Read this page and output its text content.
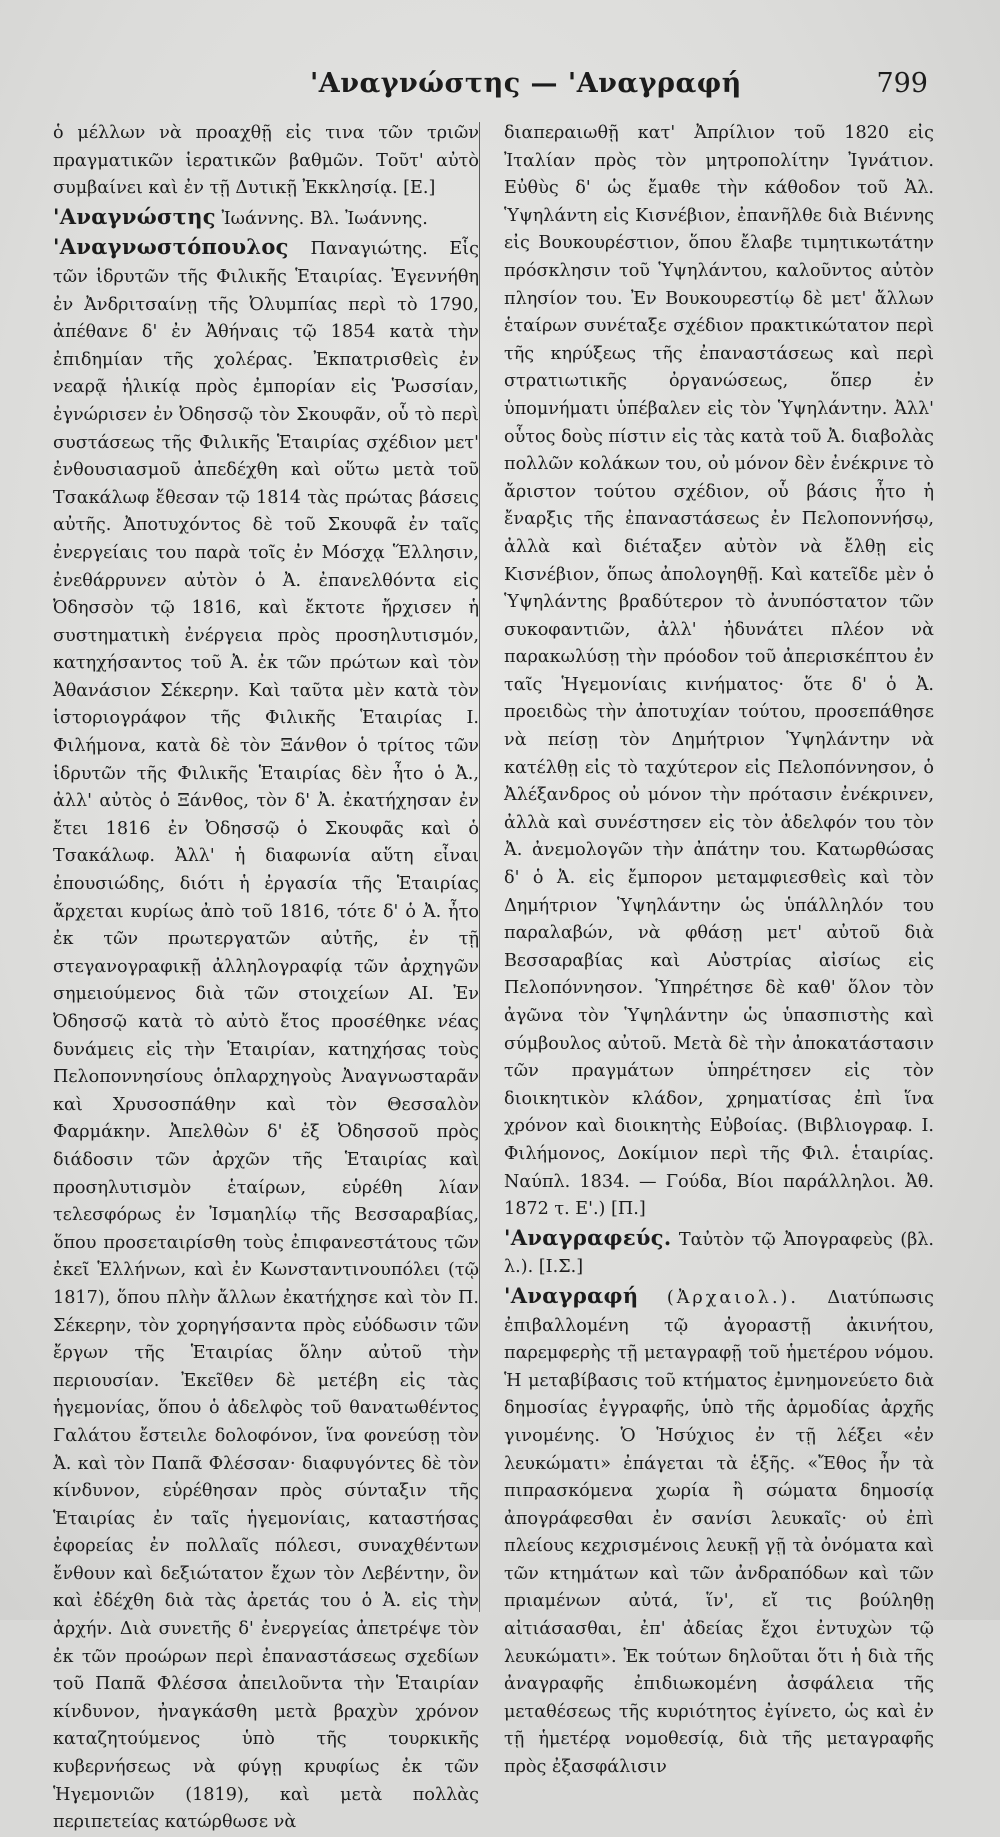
'Αναγνώστης — 'Αναγραφή	799

ὁ μέλλων νὰ προαχθῇ εἰς τινα τῶν τριῶν πραγματικῶν ἱερατικῶν βαθμῶν. Τοῦτ' αὐτὸ συμβαίνει καὶ ἐν τῇ Δυτικῇ Ἐκκλησίᾳ. [Ε.]

'Αναγνώστης Ἰωάννης. Βλ. Ἰωάννης.

'Αναγνωστόπουλος Παναγιώτης. Εἷς τῶν ἱδρυτῶν τῆς Φιλικῆς Ἑταιρίας. Ἐγεννήθη ἐν Ἀνδριτσαίνῃ τῆς Ὀλυμπίας περὶ τὸ 1790, ἀπέθανε δ' ἐν Ἀθήναις τῷ 1854 κατὰ τὴν ἐπιδημίαν τῆς χολέρας. Ἐκπατρισθεὶς ἐν νεαρᾷ ἡλικίᾳ πρὸς ἐμπορίαν εἰς Ῥωσσίαν, ἐγνώρισεν ἐν Ὀδησσῷ τὸν Σκουφᾶν, οὗ τὸ περὶ συστάσεως τῆς Φιλικῆς Ἑταιρίας σχέδιον μετ' ἐνθουσιασμοῦ ἀπεδέχθη καὶ οὕτω μετὰ τοῦ Τσακάλωφ ἔθεσαν τῷ 1814 τὰς πρώτας βάσεις αὐτῆς. Ἀποτυχόντος δὲ τοῦ Σκουφᾶ ἐν ταῖς ἐνεργείαις του παρὰ τοῖς ἐν Μόσχᾳ Ἕλλησιν, ἐνεθάρρυνεν αὐτὸν ὁ Ἀ. ἐπανελθόντα εἰς Ὀδησσὸν τῷ 1816, καὶ ἔκτοτε ἤρχισεν ἡ συστηματικὴ ἐνέργεια πρὸς προσηλυτισμόν, κατηχήσαντος τοῦ Ἀ. ἐκ τῶν πρώτων καὶ τὸν Ἀθανάσιον Σέκερην. Καὶ ταῦτα μὲν κατὰ τὸν ἱστοριογράφον τῆς Φιλικῆς Ἑταιρίας Ι. Φιλήμονα, κατὰ δὲ τὸν Ξάνθον ὁ τρίτος τῶν ἱδρυτῶν τῆς Φιλικῆς Ἑταιρίας δὲν ἦτο ὁ Ἀ., ἀλλ' αὐτὸς ὁ Ξάνθος, τὸν δ' Ἀ. ἐκατήχησαν ἐν ἔτει 1816 ἐν Ὀδησσῷ ὁ Σκουφᾶς καὶ ὁ Τσακάλωφ. Ἀλλ' ἡ διαφωνία αὕτη εἶναι ἐπουσιώδης, διότι ἡ ἐργασία τῆς Ἑταιρίας ἄρχεται κυρίως ἀπὸ τοῦ 1816, τότε δ' ὁ Ἀ. ἦτο ἐκ τῶν πρωτεργατῶν αὐτῆς, ἐν τῇ στεγανογραφικῇ ἀλληλογραφίᾳ τῶν ἀρχηγῶν σημειούμενος διὰ τῶν στοιχείων ΑΙ. Ἐν Ὀδησσῷ κατὰ τὸ αὐτὸ ἔτος προσέθηκε νέας δυνάμεις εἰς τὴν Ἑταιρίαν, κατηχήσας τοὺς Πελοποννησίους ὁπλαρχηγοὺς Ἀναγνωσταρᾶν καὶ Χρυσοσπάθην καὶ τὸν Θεσσαλὸν Φαρμάκην. Ἀπελθὼν δ' ἐξ Ὀδησσοῦ πρὸς διάδοσιν τῶν ἀρχῶν τῆς Ἑταιρίας καὶ προσηλυτισμὸν ἑταίρων, εὑρέθη λίαν τελεσφόρως ἐν Ἰσμαηλίῳ τῆς Βεσσαραβίας, ὅπου προσεταιρίσθη τοὺς ἐπιφανεστάτους τῶν ἐκεῖ Ἑλλήνων, καὶ ἐν Κωνσταντινουπόλει (τῷ 1817), ὅπου πλὴν ἄλλων ἐκατήχησε καὶ τὸν Π. Σέκερην, τὸν χορηγήσαντα πρὸς εὐόδωσιν τῶν ἔργων τῆς Ἑταιρίας ὅλην αὐτοῦ τὴν περιουσίαν. Ἐκεῖθεν δὲ μετέβη εἰς τὰς ἡγεμονίας, ὅπου ὁ ἀδελφὸς τοῦ θανατωθέντος Γαλάτου ἔστειλε δολοφόνον, ἵνα φονεύσῃ τὸν Ἀ. καὶ τὸν Παπᾶ Φλέσσαν· διαφυγόντες δὲ τὸν κίνδυνον, εὑρέθησαν πρὸς σύνταξιν τῆς Ἑταιρίας ἐν ταῖς ἡγεμονίαις, καταστήσας ἐφορείας ἐν πολλαῖς πόλεσι, συναχθέντων ἔνθουν καὶ δεξιώτατον ἔχων τὸν Λεβέντην, ὃν καὶ ἐδέχθη διὰ τὰς ἀρετάς του ὁ Ἀ. εἰς τὴν ἀρχήν. Διὰ συνετῆς δ' ἐνεργείας ἀπετρέψε τὸν ἐκ τῶν προώρων περὶ ἐπαναστάσεως σχεδίων τοῦ Παπᾶ Φλέσσα ἀπειλοῦντα τὴν Ἑταιρίαν κίνδυνον, ἠναγκάσθη μετὰ βραχὺν χρόνον καταζητούμενος ὑπὸ τῆς τουρκικῆς κυβερνήσεως νὰ φύγῃ κρυφίως ἐκ τῶν Ἡγεμονιῶν (1819), καὶ μετὰ πολλὰς περιπετείας κατώρθωσε νὰ

διαπεραιωθῇ κατ' Ἀπρίλιον τοῦ 1820 εἰς Ἰταλίαν πρὸς τὸν μητροπολίτην Ἰγνάτιον. Εὐθὺς δ' ὡς ἔμαθε τὴν κάθοδον τοῦ Ἀλ. Ὑψηλάντη εἰς Κισνέβιον, ἐπανῆλθε διὰ Βιέννης εἰς Βουκουρέστιον, ὅπου ἔλαβε τιμητικωτάτην πρόσκλησιν τοῦ Ὑψηλάντου, καλοῦντος αὐτὸν πλησίον του. Ἐν Βουκουρεστίῳ δὲ μετ' ἄλλων ἑταίρων συνέταξε σχέδιον πρακτικώτατον περὶ τῆς κηρύξεως τῆς ἐπαναστάσεως καὶ περὶ στρατιωτικῆς ὀργανώσεως, ὅπερ ἐν ὑπομνήματι ὑπέβαλεν εἰς τὸν Ὑψηλάντην. Ἀλλ' οὗτος δοὺς πίστιν εἰς τὰς κατὰ τοῦ Ἀ. διαβολὰς πολλῶν κολάκων του, οὐ μόνον δὲν ἐνέκρινε τὸ ἄριστον τούτου σχέδιον, οὗ βάσις ἦτο ἡ ἔναρξις τῆς ἐπαναστάσεως ἐν Πελοποννήσῳ, ἀλλὰ καὶ διέταξεν αὐτὸν νὰ ἔλθῃ εἰς Κισνέβιον, ὅπως ἀπολογηθῇ. Καὶ κατεῖδε μὲν ὁ Ὑψηλάντης βραδύτερον τὸ ἀνυπόστατον τῶν συκοφαντιῶν, ἀλλ' ἠδυνάτει πλέον νὰ παρακωλύσῃ τὴν πρόοδον τοῦ ἀπερισκέπτου ἐν ταῖς Ἡγεμονίαις κινήματος· ὅτε δ' ὁ Ἀ. προειδὼς τὴν ἀποτυχίαν τούτου, προσεπάθησε νὰ πείσῃ τὸν Δημήτριον Ὑψηλάντην νὰ κατέλθῃ εἰς τὸ ταχύτερον εἰς Πελοπόννησον, ὁ Ἀλέξανδρος οὐ μόνον τὴν πρότασιν ἐνέκρινεν, ἀλλὰ καὶ συνέστησεν εἰς τὸν ἀδελφόν του τὸν Ἀ. ἀνεμολογῶν τὴν ἀπάτην του. Κατωρθώσας δ' ὁ Ἀ. εἰς ἔμπορον μεταμφιεσθεὶς καὶ τὸν Δημήτριον Ὑψηλάντην ὡς ὑπάλληλόν του παραλαβών, νὰ φθάσῃ μετ' αὐτοῦ διὰ Βεσσαραβίας καὶ Αὐστρίας αἰσίως εἰς Πελοπόννησον. Ὑπηρέτησε δὲ καθ' ὅλον τὸν ἀγῶνα τὸν Ὑψηλάντην ὡς ὑπασπιστὴς καὶ σύμβουλος αὐτοῦ. Μετὰ δὲ τὴν ἀποκατάστασιν τῶν πραγμάτων ὑπηρέτησεν εἰς τὸν διοικητικὸν κλάδον, χρηματίσας ἐπὶ ἵνα χρόνον καὶ διοικητὴς Εὐβοίας. (Βιβλιογραφ. Ι. Φιλήμονος, Δοκίμιον περὶ τῆς Φιλ. ἑταιρίας. Ναύπλ. 1834. — Γούδα, Βίοι παράλληλοι. Ἀθ. 1872 τ. Ε'.) [Π.]

'Αναγραφεύς. Ταὐτὸν τῷ Ἀπογραφεὺς (βλ. λ.). [Ι.Σ.]

'Αναγραφή (Ἀρχαιολ.). Διατύπωσις ἐπιβαλλομένη τῷ ἀγοραστῇ ἀκινήτου, παρεμφερὴς τῇ μεταγραφῇ τοῦ ἡμετέρου νόμου. Ἡ μεταβίβασις τοῦ κτήματος ἐμνημονεύετο διὰ δημοσίας ἐγγραφῆς, ὑπὸ τῆς ἁρμοδίας ἀρχῆς γινομένης. Ὁ Ἡσύχιος ἐν τῇ λέξει «ἐν λευκώματι» ἐπάγεται τὰ ἑξῆς. «Ἔθος ἦν τὰ πιπρασκόμενα χωρία ἢ σώματα δημοσίᾳ ἀπογράφεσθαι ἐν σανίσι λευκαῖς· οὐ ἐπὶ πλείους κεχρισμένοις λευκῇ γῇ τὰ ὀνόματα καὶ τῶν κτημάτων καὶ τῶν ἀνδραπόδων καὶ τῶν πριαμένων αὐτά, ἵν', εἴ τις βούληθῃ αἰτιάσασθαι, ἐπ' ἀδείας ἔχοι ἐντυχὼν τῷ λευκώματι». Ἐκ τούτων δηλοῦται ὅτι ἡ διὰ τῆς ἀναγραφῆς ἐπιδιωκομένη ἀσφάλεια τῆς μεταθέσεως τῆς κυριότητος ἐγίνετο, ὡς καὶ ἐν τῇ ἡμετέρᾳ νομοθεσίᾳ, διὰ τῆς μεταγραφῆς πρὸς ἐξασφάλισιν
